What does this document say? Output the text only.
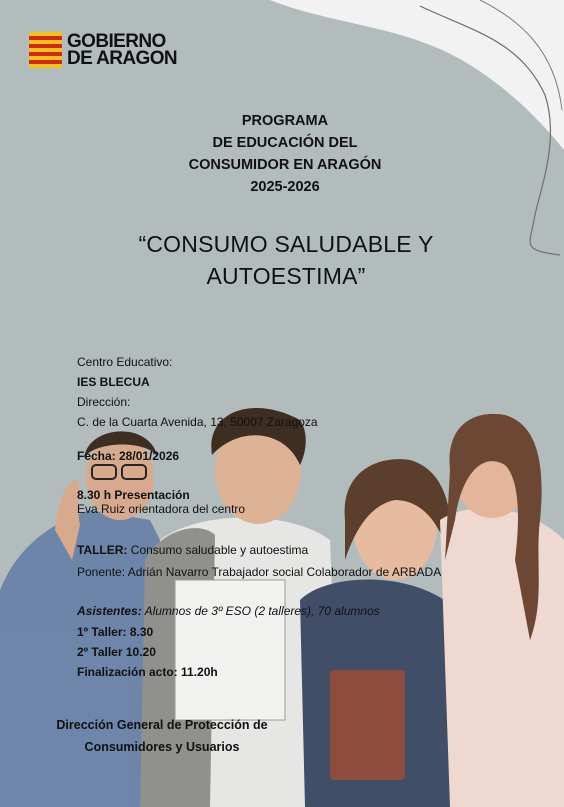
GOBIERNO
DE ARAGON
PROGRAMA
DE EDUCACIÓN DEL
CONSUMIDOR EN ARAGÓN
2025-2026
“CONSUMO SALUDABLE Y
AUTOESTIMA”
Centro Educativo:
IES BLECUA
Dirección:
C. de la Cuarta Avenida, 13, 50007 Zaragoza
Fecha: 28/01/2026
8.30 h Presentación
Eva Ruiz orientadora del centro
TALLER: Consumo saludable y autoestima
Ponente: Adrián Navarro Trabajador social Colaborador de ARBADA
Asistentes: Alumnos de 3º ESO (2 talleres), 70 alumnos
1º Taller: 8.30
2º Taller 10.20
Finalización acto: 11.20h
Dirección General de Protección de
Consumidores y Usuarios
